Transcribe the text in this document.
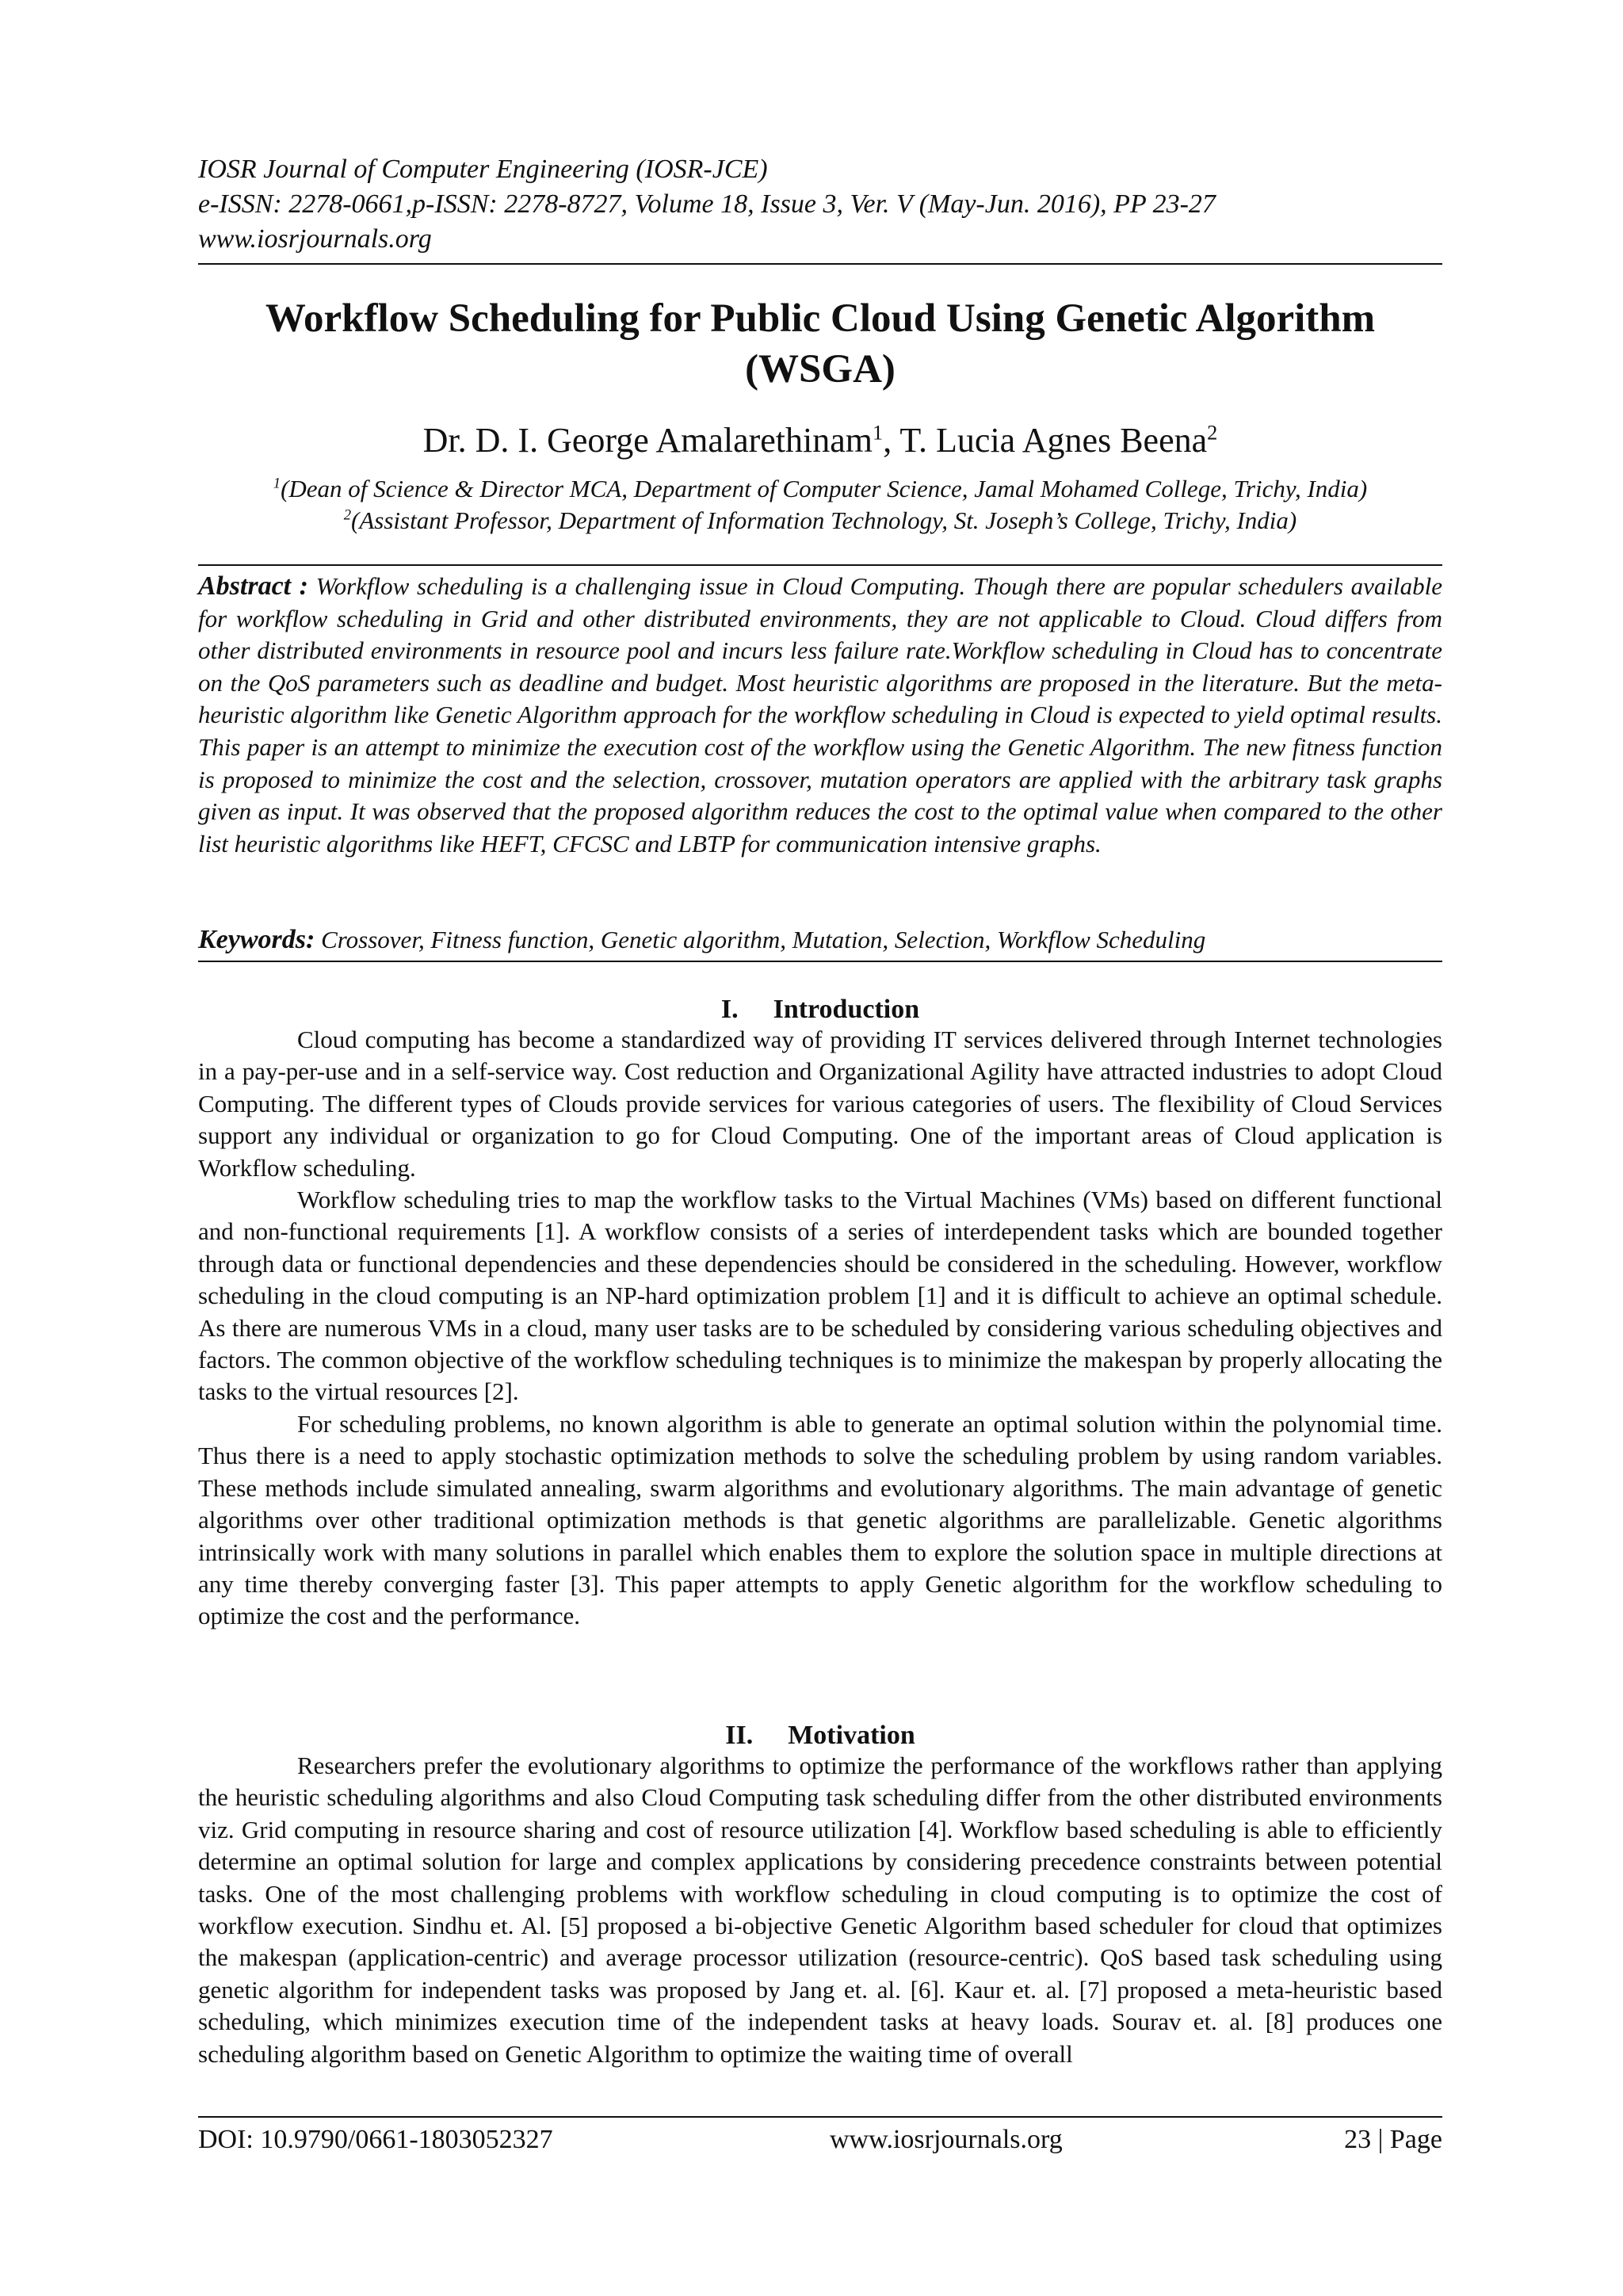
IOSR Journal of Computer Engineering (IOSR-JCE)
e-ISSN: 2278-0661,p-ISSN: 2278-8727, Volume 18, Issue 3, Ver. V (May-Jun. 2016), PP 23-27
www.iosrjournals.org
Workflow Scheduling for Public Cloud Using Genetic Algorithm
(WSGA)
Dr. D. I. George Amalarethinam$^1$, T. Lucia Agnes Beena$^2$
$^1$(Dean of Science & Director MCA, Department of Computer Science, Jamal Mohamed College, Trichy, India)
$^2$(Assistant Professor, Department of Information Technology, St. Joseph’s College, Trichy, India)
Abstract : Workflow scheduling is a challenging issue in Cloud Computing. Though there are popular schedulers available for workflow scheduling in Grid and other distributed environments, they are not applicable to Cloud. Cloud differs from other distributed environments in resource pool and incurs less failure rate.Workflow scheduling in Cloud has to concentrate on the QoS parameters such as deadline and budget. Most heuristic algorithms are proposed in the literature. But the meta-heuristic algorithm like Genetic Algorithm approach for the workflow scheduling in Cloud is expected to yield optimal results. This paper is an attempt to minimize the execution cost of the workflow using the Genetic Algorithm. The new fitness function is proposed to minimize the cost and the selection, crossover, mutation operators are applied with the arbitrary task graphs given as input. It was observed that the proposed algorithm reduces the cost to the optimal value when compared to the other list heuristic algorithms like HEFT, CFCSC and LBTP for communication intensive graphs.
Keywords: Crossover, Fitness function, Genetic algorithm, Mutation, Selection, Workflow Scheduling
I. Introduction

Cloud computing has become a standardized way of providing IT services delivered through Internet technologies in a pay-per-use and in a self-service way. Cost reduction and Organizational Agility have attracted industries to adopt Cloud Computing. The different types of Clouds provide services for various categories of users. The flexibility of Cloud Services support any individual or organization to go for Cloud Computing. One of the important areas of Cloud application is Workflow scheduling.

Workflow scheduling tries to map the workflow tasks to the Virtual Machines (VMs) based on different functional and non-functional requirements [1]. A workflow consists of a series of interdependent tasks which are bounded together through data or functional dependencies and these dependencies should be considered in the scheduling. However, workflow scheduling in the cloud computing is an NP-hard optimization problem [1] and it is difficult to achieve an optimal schedule. As there are numerous VMs in a cloud, many user tasks are to be scheduled by considering various scheduling objectives and factors. The common objective of the workflow scheduling techniques is to minimize the makespan by properly allocating the tasks to the virtual resources [2].

For scheduling problems, no known algorithm is able to generate an optimal solution within the polynomial time. Thus there is a need to apply stochastic optimization methods to solve the scheduling problem by using random variables. These methods include simulated annealing, swarm algorithms and evolutionary algorithms. The main advantage of genetic algorithms over other traditional optimization methods is that genetic algorithms are parallelizable. Genetic algorithms intrinsically work with many solutions in parallel which enables them to explore the solution space in multiple directions at any time thereby converging faster [3]. This paper attempts to apply Genetic algorithm for the workflow scheduling to optimize the cost and the performance.

II. Motivation

Researchers prefer the evolutionary algorithms to optimize the performance of the workflows rather than applying the heuristic scheduling algorithms and also Cloud Computing task scheduling differ from the other distributed environments viz. Grid computing in resource sharing and cost of resource utilization [4]. Workflow based scheduling is able to efficiently determine an optimal solution for large and complex applications by considering precedence constraints between potential tasks. One of the most challenging problems with workflow scheduling in cloud computing is to optimize the cost of workflow execution. Sindhu et. Al. [5] proposed a bi-objective Genetic Algorithm based scheduler for cloud that optimizes the makespan (application-centric) and average processor utilization (resource-centric). QoS based task scheduling using genetic algorithm for independent tasks was proposed by Jang et. al. [6]. Kaur et. al. [7] proposed a meta-heuristic based scheduling, which minimizes execution time of the independent tasks at heavy loads. Sourav et. al. [8] produces one scheduling algorithm based on Genetic Algorithm to optimize the waiting time of overall

DOI: 10.9790/0661-1803052327	www.iosrjournals.org	23 | Page
